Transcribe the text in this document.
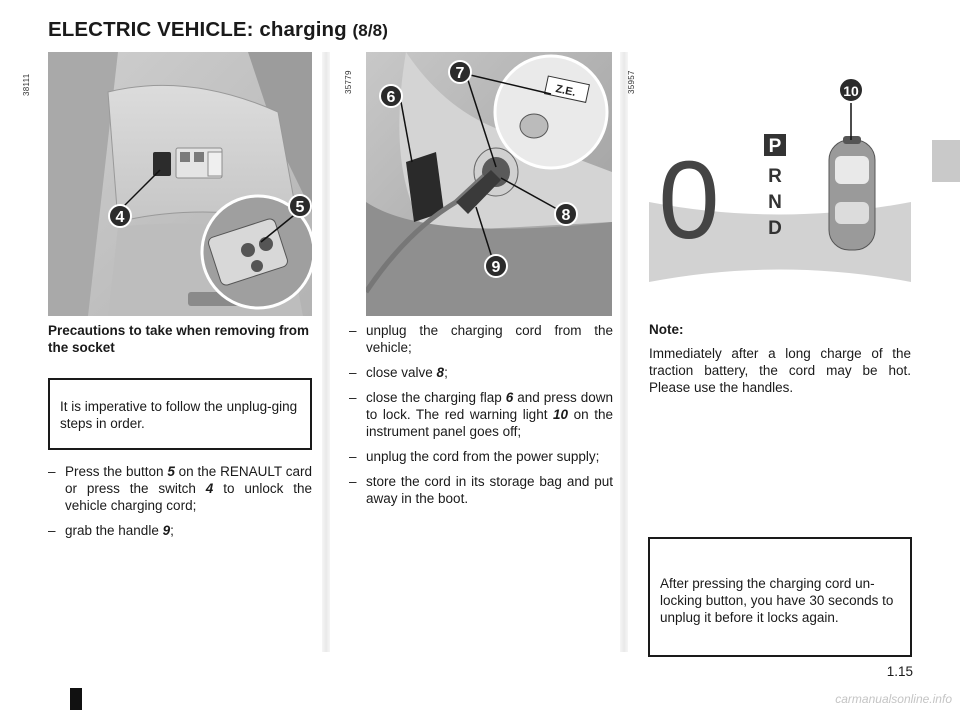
ELECTRIC VEHICLE: charging (8/8)
4
5
38111	Z.E.
6
7
8
9
35779
0	P
R
N
D
10
35957
Precautions to take when removing from the socket

It is imperative to follow the unplug-ging steps in order.

– Press the button 5 on the RENAULT card or press the switch 4 to unlock the vehicle charging cord;
– grab the handle 9;
– unplug the charging cord from the vehicle;
– close valve 8;
– close the charging flap 6 and press down to lock. The red warning light 10 on the instrument panel goes off;
– unplug the cord from the power supply;
– store the cord in its storage bag and put away in the boot.
Note:
Immediately after a long charge of the traction battery, the cord may be hot. Please use the handles.

After pressing the charging cord un-locking button, you have 30 seconds to unplug it before it locks again.

1.15
carmanualsonline.info
